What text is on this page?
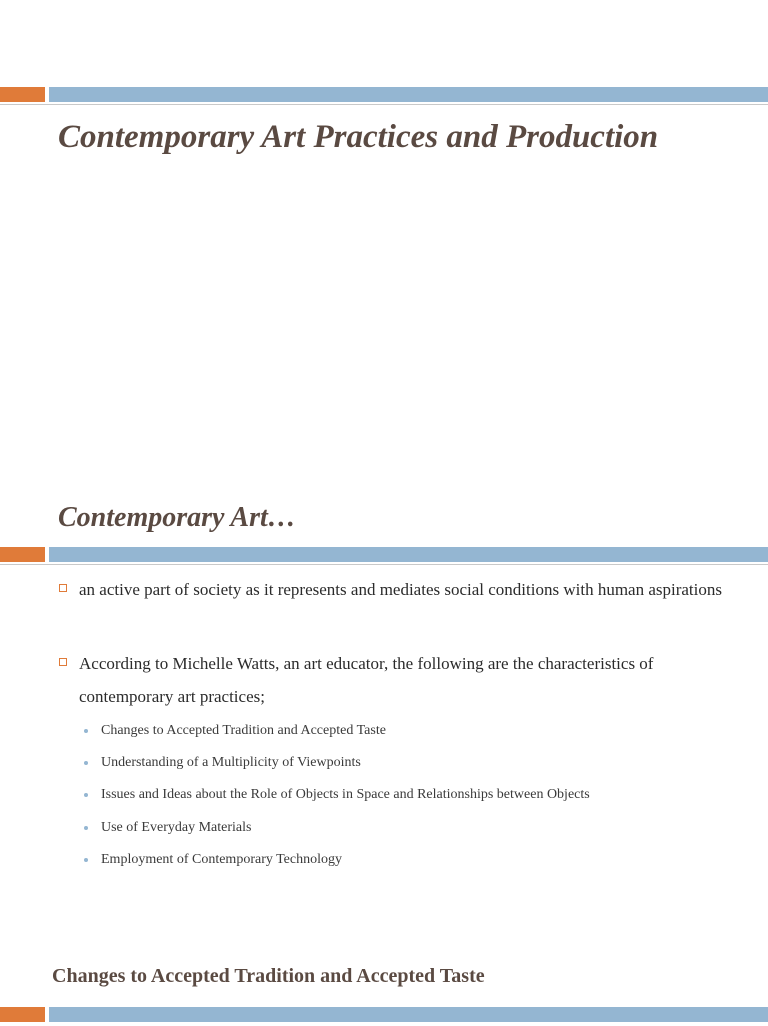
Contemporary Art Practices and Production
Contemporary Art…
an active part of society as it represents and mediates social conditions with human aspirations
According to Michelle Watts, an art educator, the following are the characteristics of contemporary art practices;
Changes to Accepted Tradition and Accepted Taste
Understanding of a Multiplicity of Viewpoints
Issues and Ideas about the Role of Objects in Space and Relationships between Objects
Use of Everyday Materials
Employment of Contemporary Technology
Changes to Accepted Tradition and Accepted Taste
